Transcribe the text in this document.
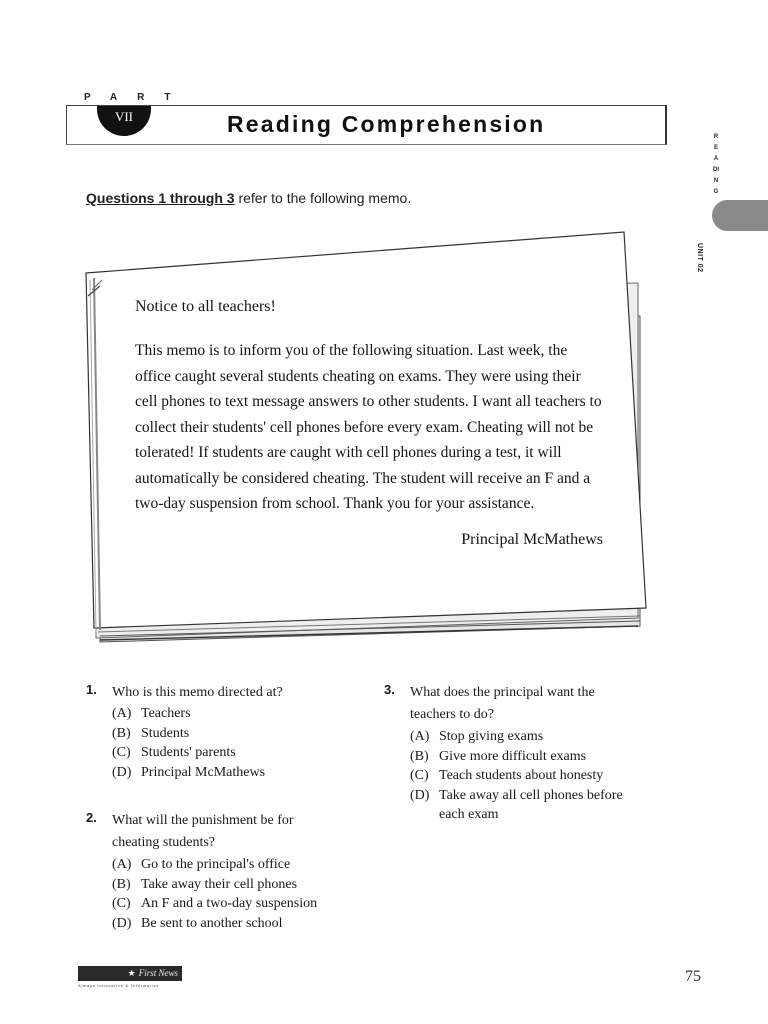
PART
VII	Reading Comprehension	READING
UNIT 02
Questions 1 through 3 refer to the following memo.

Notice to all teachers!

This memo is to inform you of the following situation. Last week, the office caught several students cheating on exams. They were using their cell phones to text message answers to other students. I want all teachers to collect their students' cell phones before every exam. Cheating will not be tolerated! If students are caught with cell phones during a test, it will automatically be considered cheating. The student will receive an F and a two-day suspension from school. Thank you for your assistance.

Principal McMathews
1. Who is this memo directed at?
(A) Teachers
(B) Students
(C) Students' parents
(D) Principal McMathews
2. What will the punishment be for
cheating students?
(A) Go to the principal's office
(B) Take away their cell phones
(C) An F and a two-day suspension
(D) Be sent to another school
3. What does the principal want the
teachers to do?
(A) Stop giving exams
(B) Give more difficult exams
(C) Teach students about honesty
(D) Take away all cell phones before
each exam
★ First News
Always Innovative & Informative
75
